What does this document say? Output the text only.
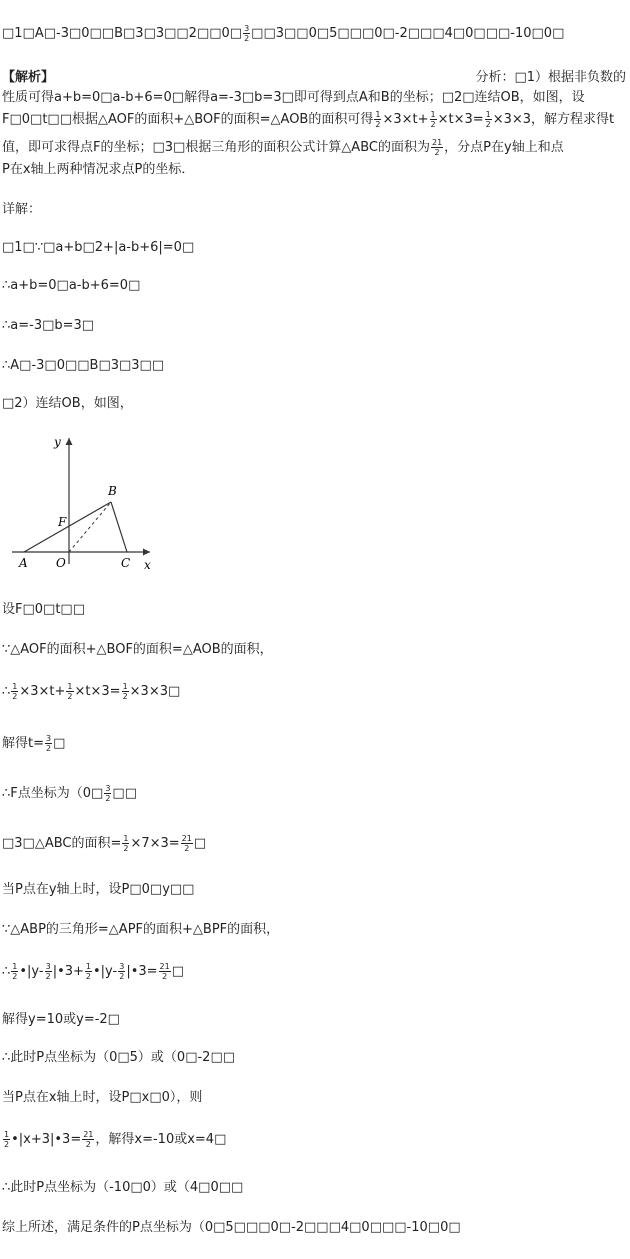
□1□A□-3□0□□B□3□3□□2□□0□ $\frac{3}{2}$ □□3□□0□5□□□0□-2□□□4□0□□□-10□0□
【解析】	分析：□1）根据非负数的
性质可得a+b=0□a-b+6=0□解得a=-3□b=3□即可得到点A和B的坐标；□2□连结OB，如图，设
F□0□t□□根据△AOF的面积+△BOF的面积=△AOB的面积可得 $\frac{1}{2} \times 3\times t+ \frac{1}{2} \times t\times 3= \frac{1}{2} \times 3\times 3$，解方程求得t
值，即可求得点F的坐标；□3□根据三角形的面积公式计算△ABC的面积为 $\frac{21}{2}$ ，分点P在y轴上和点
P在x轴上两种情况求点P的坐标．
详解：
□1□∵□a+b□2+|a-b+6|=0□
∴a+b=0□a-b+6=0□
∴a=-3□b=3□
∴A□-3□0□□B□3□3□□
□2）连结OB，如图，
y
x
A O	C
B
F
设F□0□t□□
∵△AOF的面积+△BOF的面积=△AOB的面积，
∴ $\frac{1}{2} \times 3\times t+ \frac{1}{2} \times t\times 3= \frac{1}{2}$ ×3×3□
解得$t= \frac{3}{2}$ □
∴F点坐标为（0□ $\frac{3}{2}$ □□
□3□△ABC的面积= $\frac{1}{2} \times 7\times 3= \frac{21}{2}$ □
当P点在y轴上时，设P□0□y□□
∵△ABP的三角形=△APF的面积+△BPF的面积，
∴ $\frac{1}{2}$ •|y- $\frac{3}{2}$ |•3+ $\frac{1}{2}$ •|y- $\frac{3}{2}$ |•3= $\frac{21}{2}$ □
解得y=10或y=-2□
∴此时P点坐标为（0□5）或（0□-2□□
当P点在x轴上时，设P□x□0），则
$\frac{1}{2}$ •|x+3|•3= $\frac{21}{2}$ ，解得x=-10或x=4□
∴此时P点坐标为（-10□0）或（4□0□□
综上所述，满足条件的P点坐标为（0□5□□□0□-2□□□4□0□□□-10□0□
